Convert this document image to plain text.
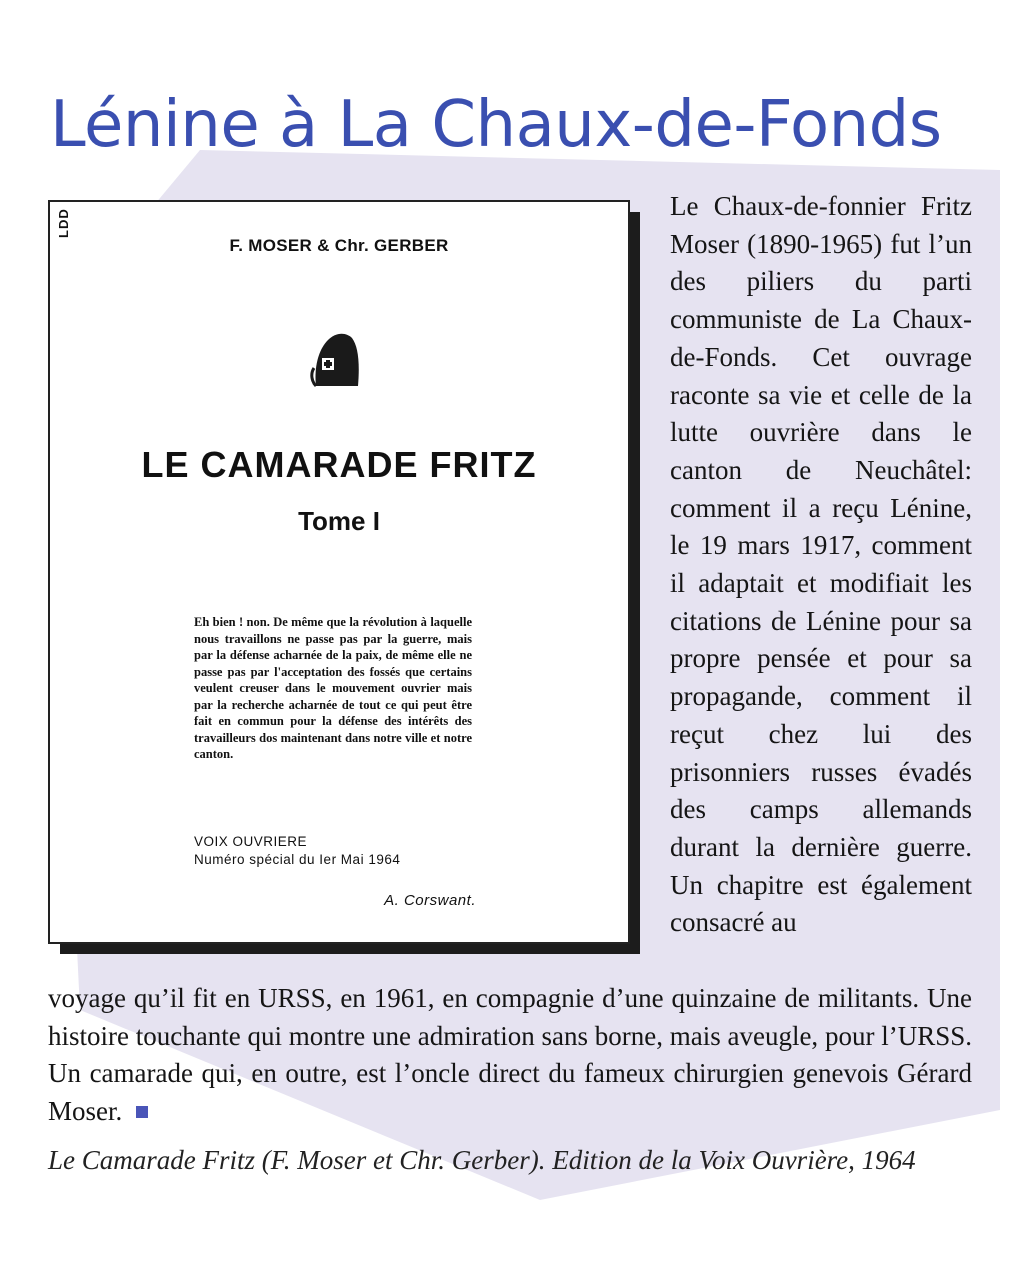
Lénine à La Chaux-de-Fonds
LDD
F. MOSER & Chr. GERBER
LE CAMARADE FRITZ
Tome I

Eh bien ! non. De même que la révolution à laquelle nous travaillons ne passe pas par la guerre, mais par la défense acharnée de la paix, de même elle ne passe pas par l'acceptation des fossés que certains veulent creuser dans le mouvement ouvrier mais par la recherche acharnée de tout ce qui peut être fait en commun pour la défense des intérêts des travailleurs dos maintenant dans notre ville et notre canton.

VOIX OUVRIERE
Numéro spécial du Ier Mai 1964
A. Corswant.

Le Chaux-de-fonnier Fritz Moser (1890-1965) fut l’un des piliers du parti communiste de La Chaux-de-Fonds. Cet ouvrage raconte sa vie et celle de la lutte ouvrière dans le canton de Neuchâtel: comment il a reçu Lénine, le 19 mars 1917, comment il adaptait et modifiait les citations de Lénine pour sa propre pensée et pour sa propagande, comment il reçut chez lui des prisonniers russes évadés des camps allemands durant la dernière guerre. Un chapitre est également consacré au

voyage qu’il fit en URSS, en 1961, en compagnie d’une quinzaine de militants. Une histoire touchante qui montre une admiration sans borne, mais aveugle, pour l’URSS. Un camarade qui, en outre, est l’oncle direct du fameux chirurgien genevois Gérard Moser.

Le Camarade Fritz (F. Moser et Chr. Gerber). Edition de la Voix Ouvrière, 1964
